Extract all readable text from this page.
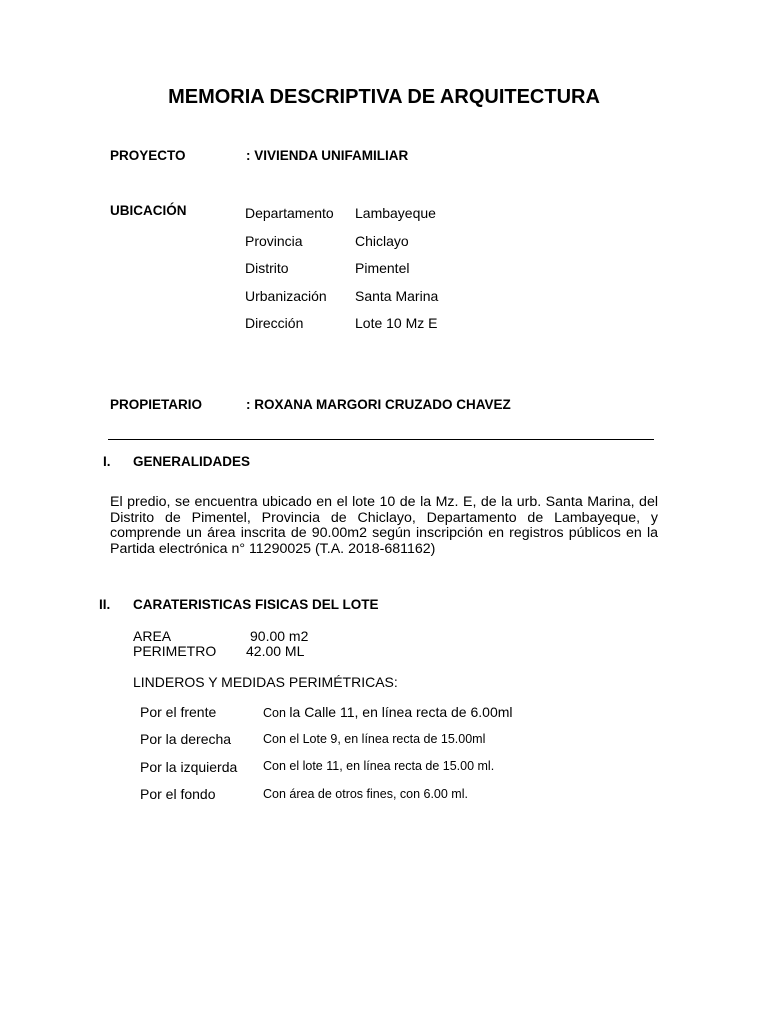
MEMORIA DESCRIPTIVA DE ARQUITECTURA
PROYECTO	: VIVIENDA UNIFAMILIAR
UBICACIÓN	Departamento Lambayeque
Provincia	Chiclayo
Distrito	Pimentel
Urbanización Santa Marina
Dirección	Lote 10 Mz E
PROPIETARIO	: ROXANA MARGORI CRUZADO CHAVEZ
I. GENERALIDADES
El predio, se encuentra ubicado en el lote 10 de la Mz. E, de la urb. Santa Marina, del Distrito de Pimentel, Provincia de Chiclayo, Departamento de Lambayeque, y comprende un área inscrita de 90.00m2 según inscripción en registros públicos en la Partida electrónica n° 11290025 (T.A. 2018-681162)
II. CARATERISTICAS FISICAS DEL LOTE
AREA	90.00 m2
PERIMETRO 42.00 ML
LINDEROS Y MEDIDAS PERIMÉTRICAS:
Por el frente	Con la Calle 11, en línea recta de 6.00ml
Por la derecha	Con el Lote 9, en línea recta de 15.00ml
Por la izquierda Con el lote 11, en línea recta de 15.00 ml.
Por el fondo	Con área de otros fines, con 6.00 ml.
